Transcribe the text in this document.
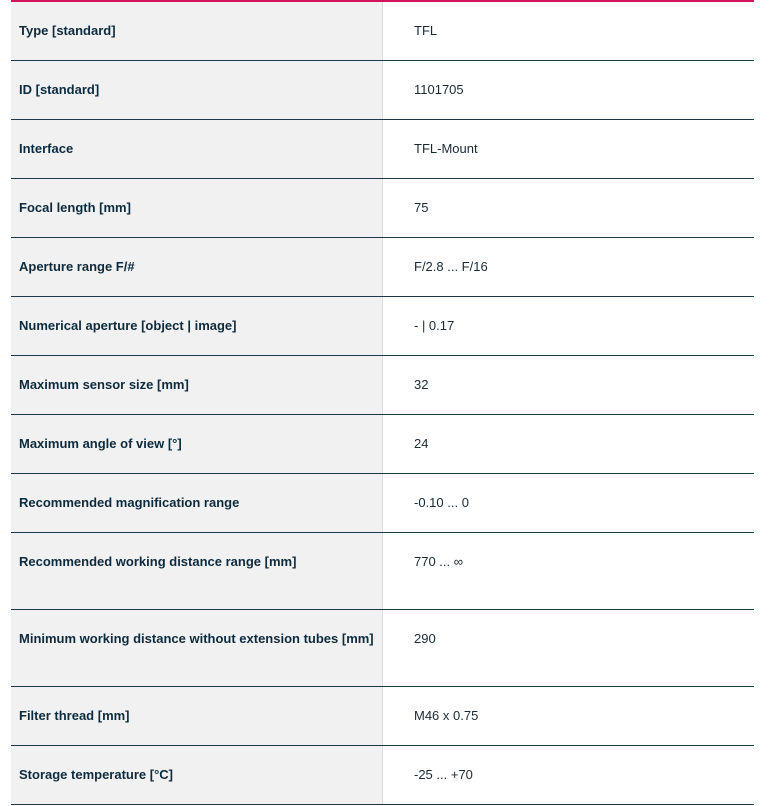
Type [standard]	TFL
ID [standard]	1101705
Interface	TFL-Mount
Focal length [mm]	75
Aperture range F/#	F/2.8 ... F/16
Numerical aperture [object | image]	- | 0.17
Maximum sensor size [mm]	32
Maximum angle of view [°]	24
Recommended magnification range	-0.10 ... 0
Recommended working distance range [mm]	770 ... ∞
Minimum working distance without extension tubes [mm]	290
Filter thread [mm]	M46 x 0.75
Storage temperature [°C]	-25 ... +70
